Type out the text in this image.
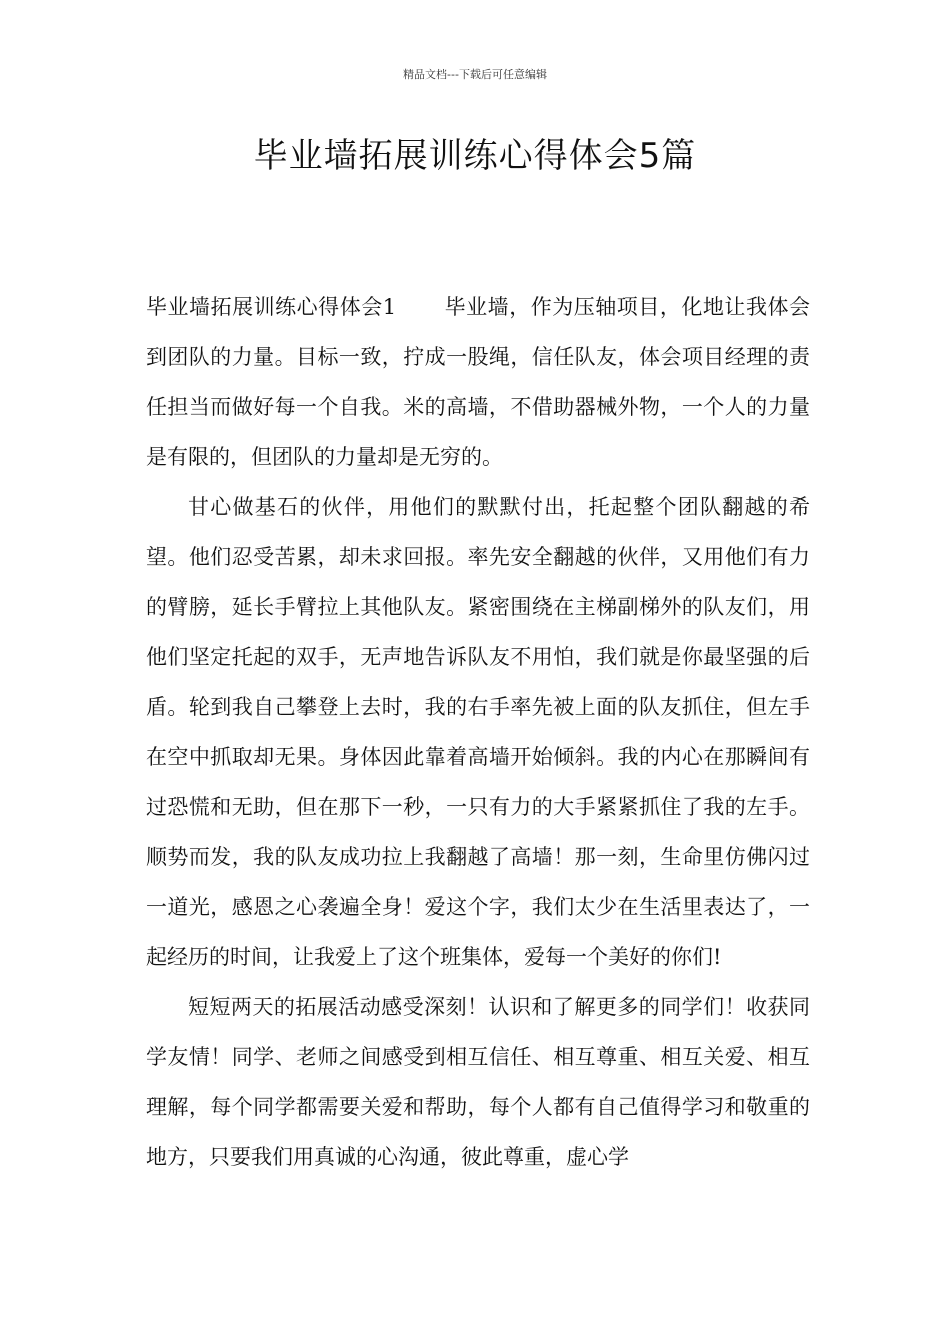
精品文档---下载后可任意编辑
毕业墙拓展训练心得体会5篇

毕业墙拓展训练心得体会1 毕业墙，作为压轴项目，化地让我体会到团队的力量。目标一致，拧成一股绳，信任队友，体会项目经理的责任担当而做好每一个自我。米的高墙，不借助器械外物，一个人的力量是有限的，但团队的力量却是无穷的。

甘心做基石的伙伴，用他们的默默付出，托起整个团队翻越的希望。他们忍受苦累，却未求回报。率先安全翻越的伙伴，又用他们有力的臂膀，延长手臂拉上其他队友。紧密围绕在主梯副梯外的队友们，用他们坚定托起的双手，无声地告诉队友不用怕，我们就是你最坚强的后盾。轮到我自己攀登上去时，我的右手率先被上面的队友抓住，但左手在空中抓取却无果。身体因此靠着高墙开始倾斜。我的内心在那瞬间有过恐慌和无助，但在那下一秒，一只有力的大手紧紧抓住了我的左手。顺势而发，我的队友成功拉上我翻越了高墙！那一刻，生命里仿佛闪过一道光，感恩之心袭遍全身！爱这个字，我们太少在生活里表达了，一起经历的时间，让我爱上了这个班集体，爱每一个美好的你们!

短短两天的拓展活动感受深刻！认识和了解更多的同学们！收获同学友情！同学、老师之间感受到相互信任、相互尊重、相互关爱、相互理解，每个同学都需要关爱和帮助，每个人都有自己值得学习和敬重的地方，只要我们用真诚的心沟通，彼此尊重，虚心学
